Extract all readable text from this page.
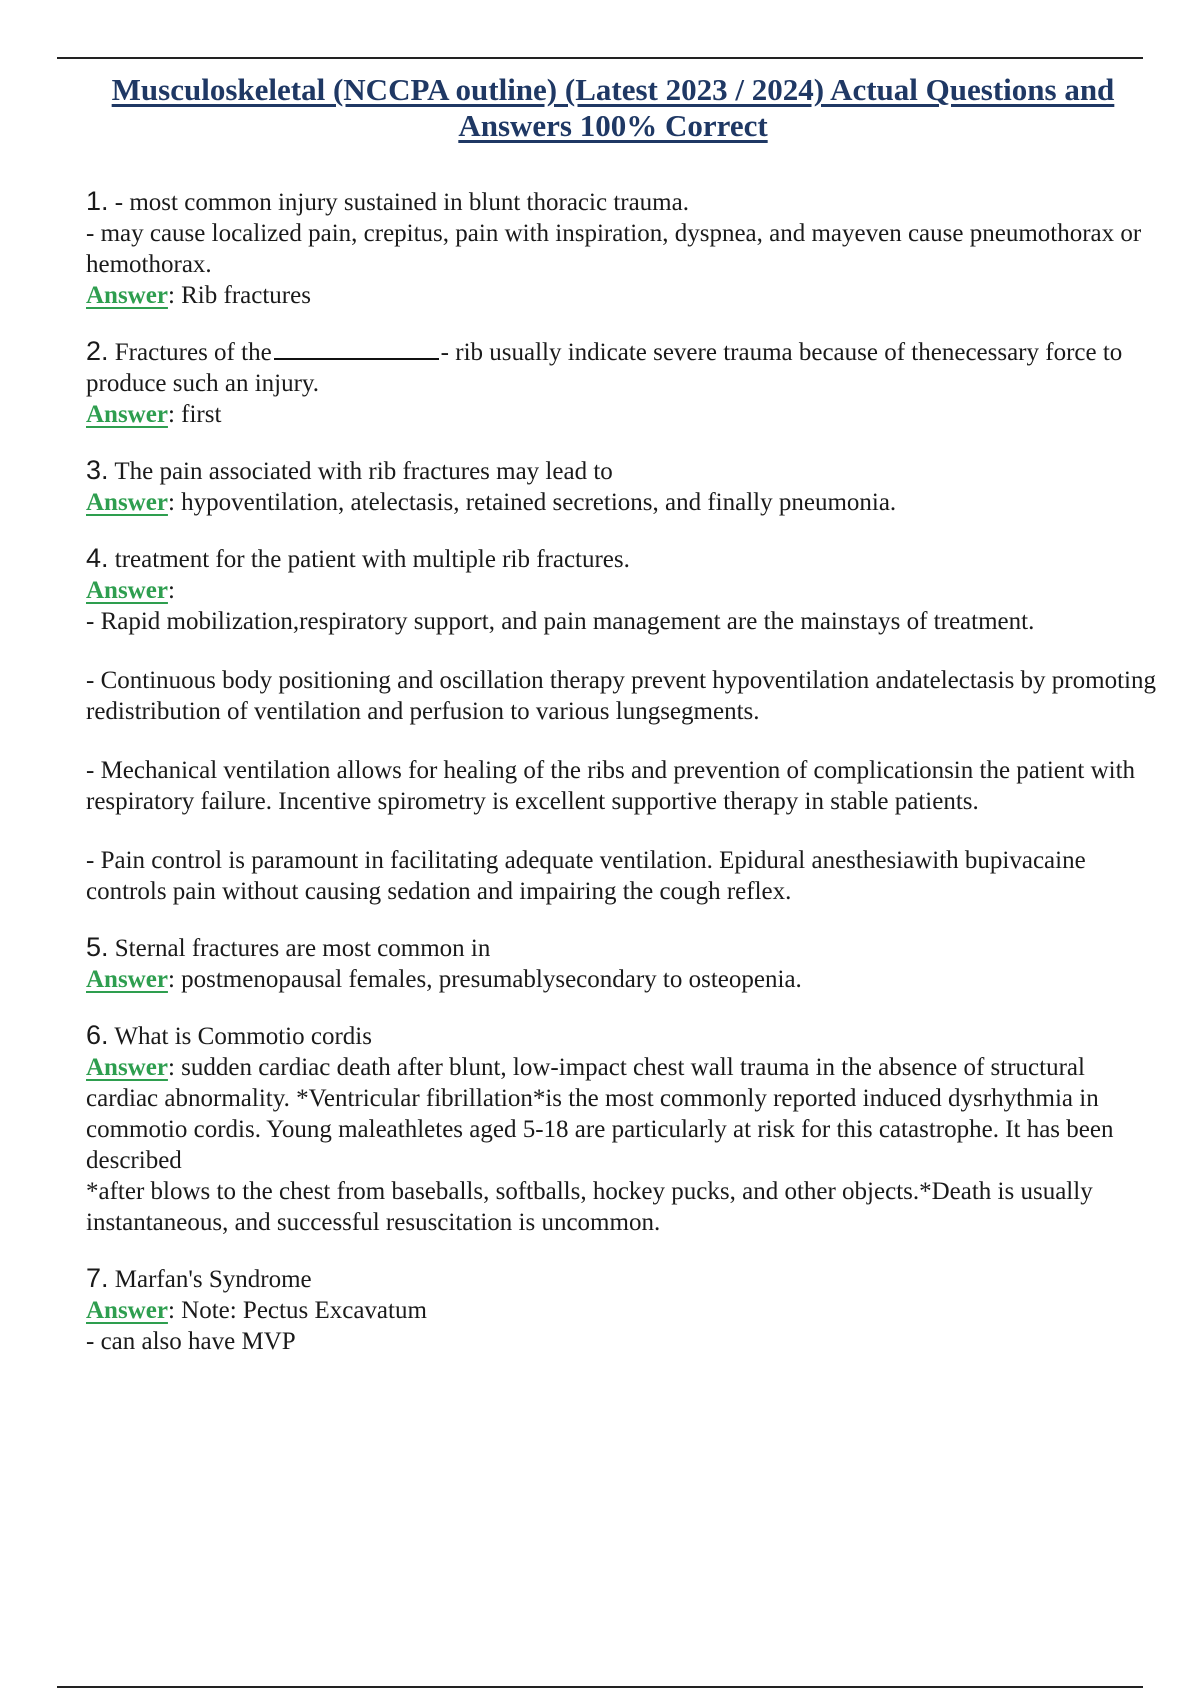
Musculoskeletal (NCCPA outline) (Latest 2023 / 2024) Actual Questions and Answers 100% Correct
1. - most common injury sustained in blunt thoracic trauma.
- may cause localized pain, crepitus, pain with inspiration, dyspnea, and mayeven cause pneumothorax or hemothorax.
Answer: Rib fractures
2. Fractures of the	- rib usually indicate severe trauma because of thenecessary force to produce such an injury.
Answer: first
3. The pain associated with rib fractures may lead to
Answer: hypoventilation, atelectasis, retained secretions, and finally pneumonia.
4. treatment for the patient with multiple rib fractures.
Answer:
- Rapid mobilization,respiratory support, and pain management are the mainstays of treatment.
- Continuous body positioning and oscillation therapy prevent hypoventilation andatelectasis by promoting redistribution of ventilation and perfusion to various lungsegments.
- Mechanical ventilation allows for healing of the ribs and prevention of complicationsin the patient with respiratory failure. Incentive spirometry is excellent supportive therapy in stable patients.
- Pain control is paramount in facilitating adequate ventilation. Epidural anesthesiawith bupivacaine controls pain without causing sedation and impairing the cough reflex.
5. Sternal fractures are most common in
Answer: postmenopausal females, presumablysecondary to osteopenia.
6. What is Commotio cordis
Answer: sudden cardiac death after blunt, low-impact chest wall trauma in the absence of structural cardiac abnormality. *Ventricular fibrillation*is the most commonly reported induced dysrhythmia in commotio cordis. Young maleathletes aged 5-18 are particularly at risk for this catastrophe. It has been described
*after blows to the chest from baseballs, softballs, hockey pucks, and other objects.*Death is usually instantaneous, and successful resuscitation is uncommon.
7. Marfan's Syndrome
Answer: Note: Pectus Excavatum
- can also have MVP
